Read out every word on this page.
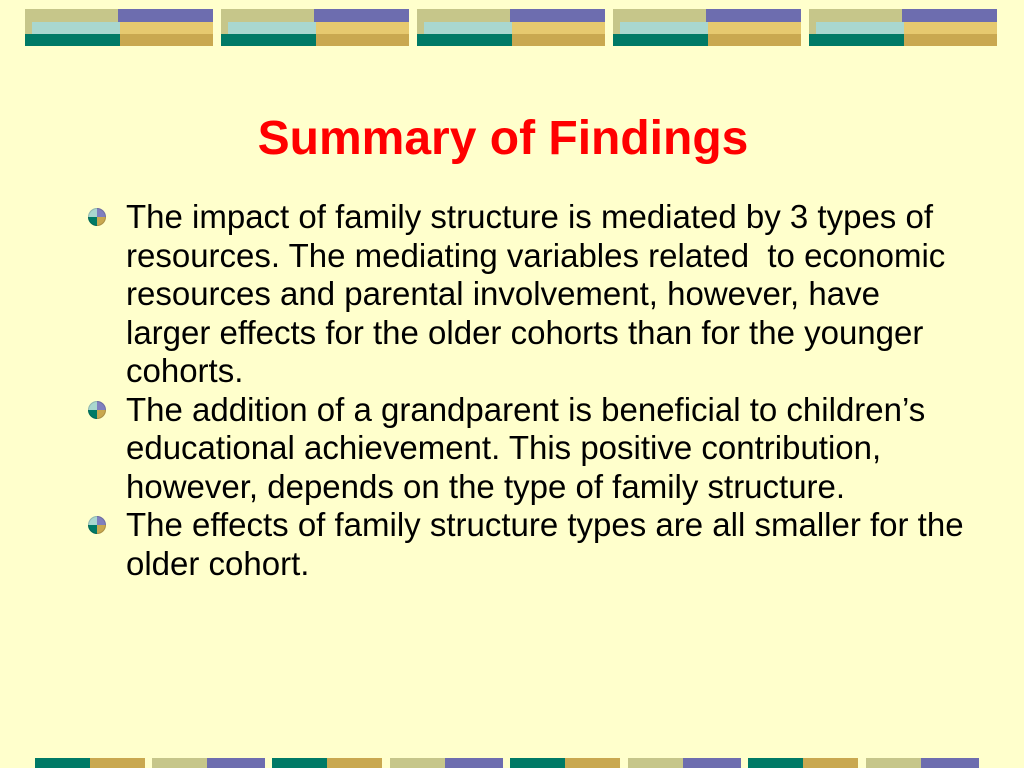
Summary of Findings
The impact of family structure is mediated by 3 types of resources. The mediating variables related  to economic resources and parental involvement, however, have larger effects for the older cohorts than for the younger cohorts.
The addition of a grandparent is beneficial to children’s educational achievement. This positive contribution, however, depends on the type of family structure.
The effects of family structure types are all smaller for the older cohort.
